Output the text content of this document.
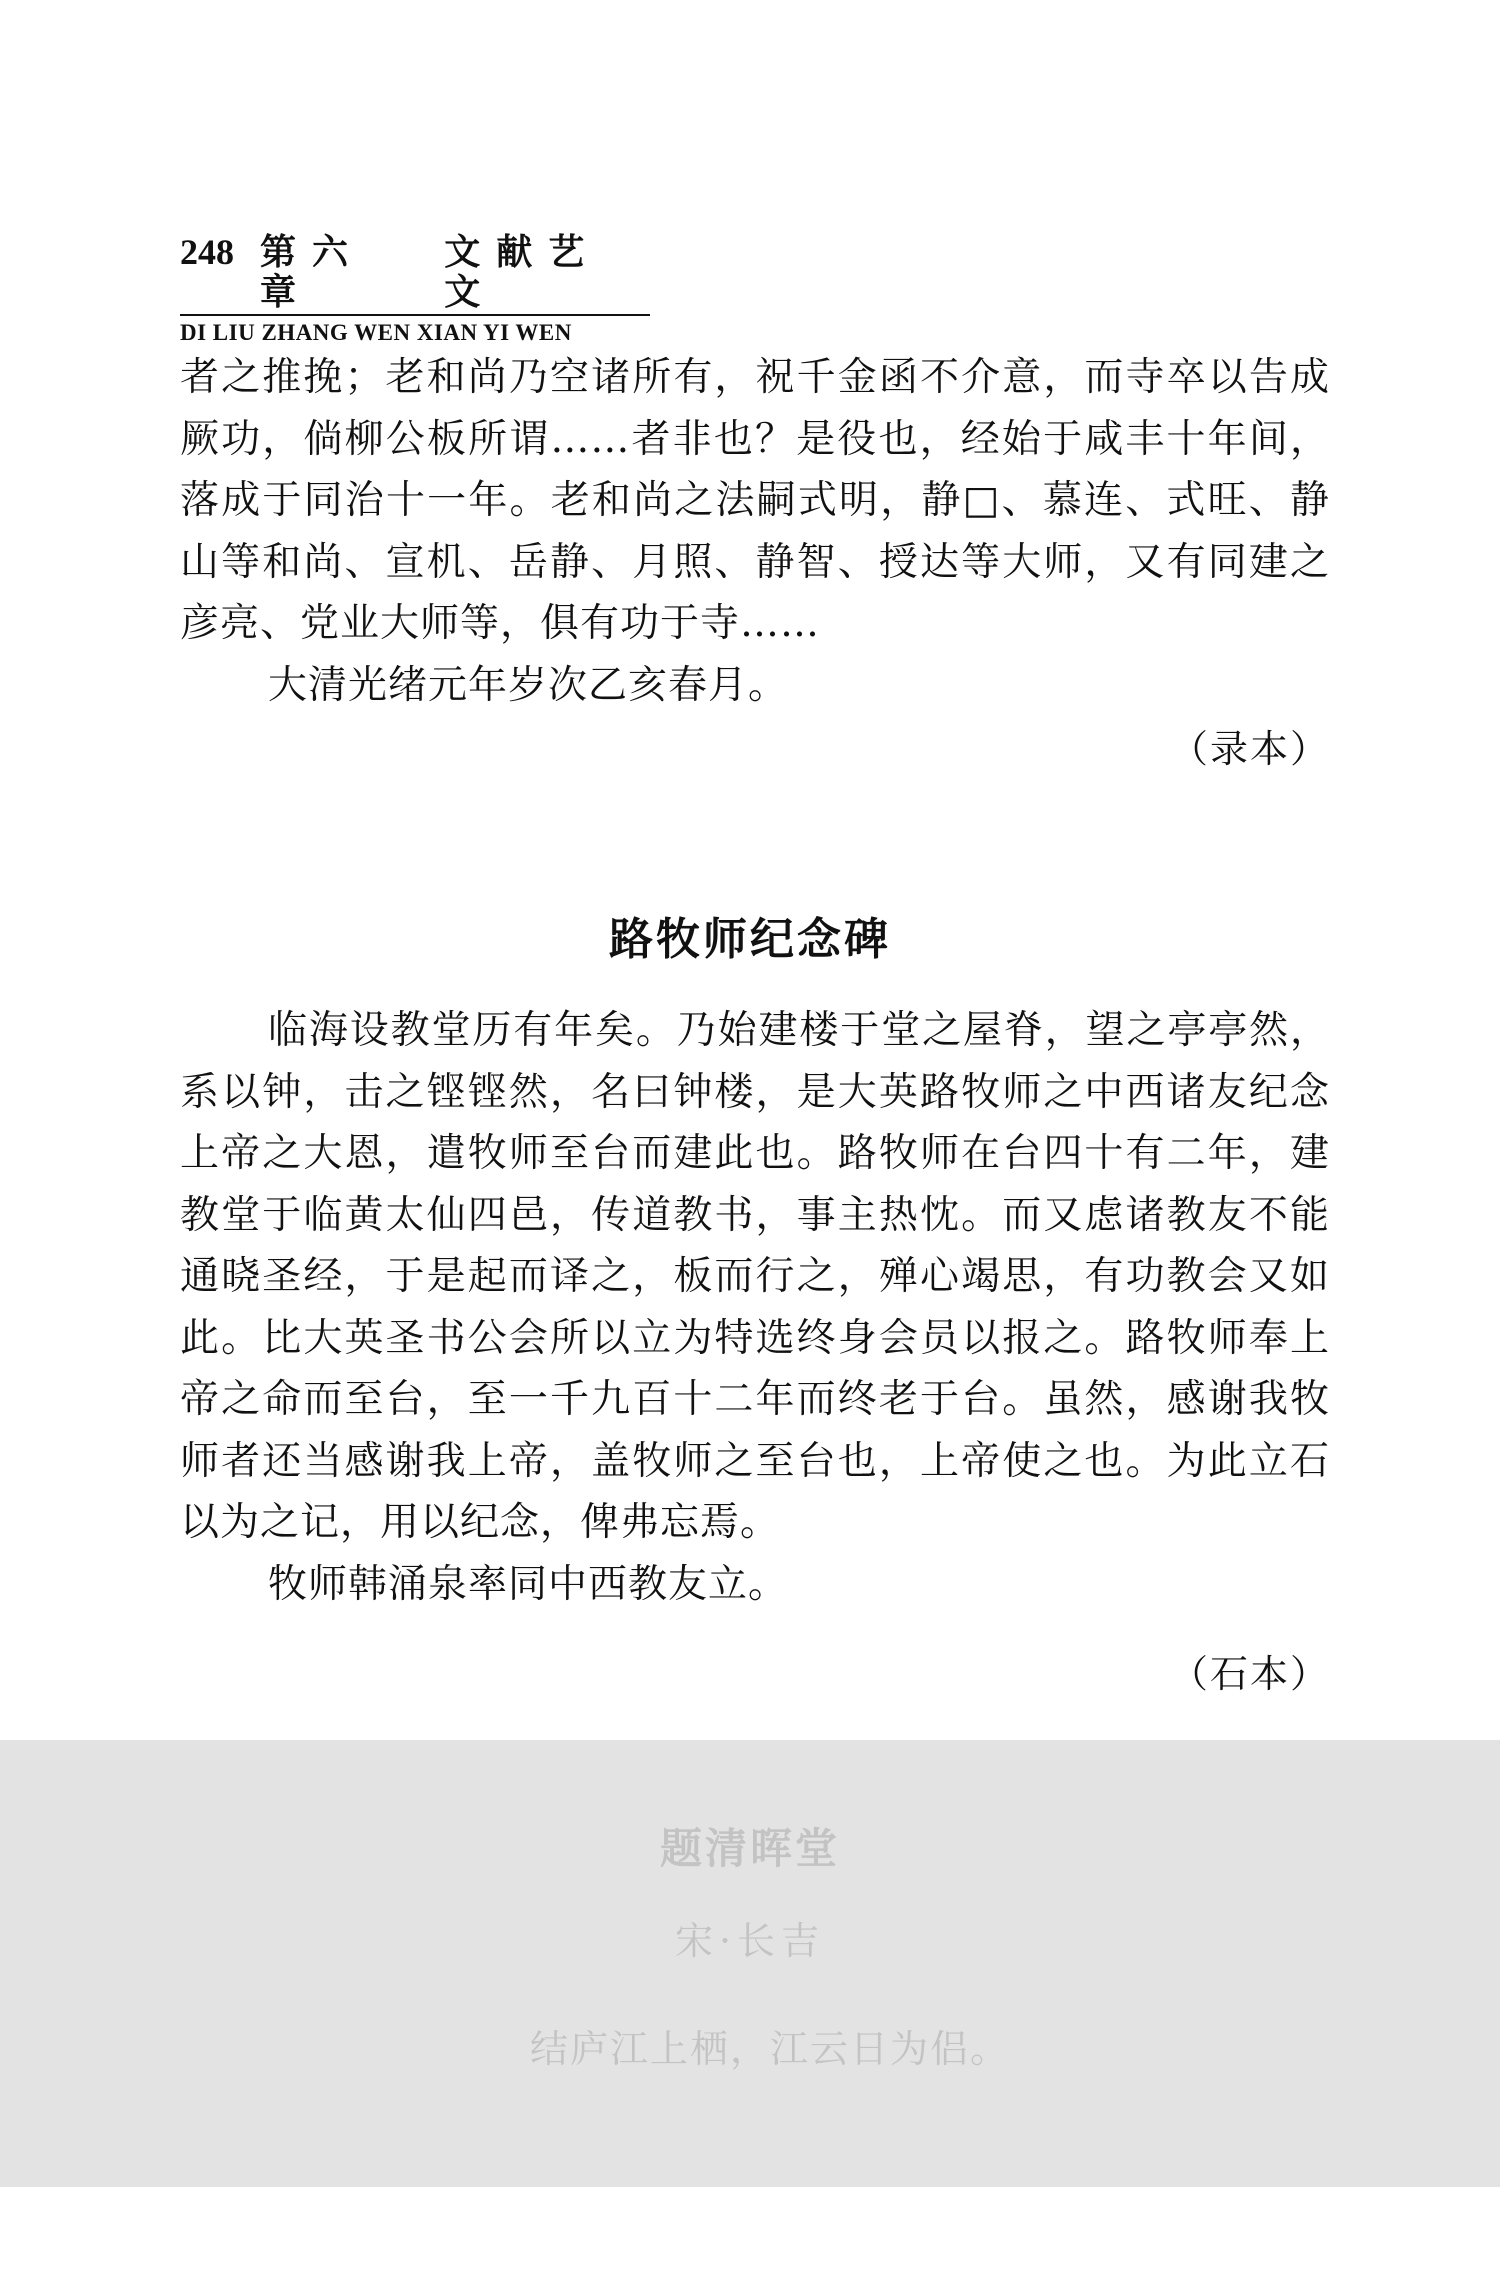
248 第六章
文献艺文
DI LIU ZHANG WEN XIAN YI WEN

者之推挽；老和尚乃空诸所有，祝千金函不介意，而寺卒以告成厥功，倘柳公板所谓……者非也？是役也，经始于咸丰十年间，落成于同治十一年。老和尚之法嗣式明，静□、慕连、式旺、静山等和尚、宣机、岳静、月照、静智、授达等大师，又有同建之彦亮、党业大师等，俱有功于寺……

大清光绪元年岁次乙亥春月。

（录本）
路牧师纪念碑

临海设教堂历有年矣。乃始建楼于堂之屋脊，望之亭亭然，系以钟，击之铿铿然，名曰钟楼，是大英路牧师之中西诸友纪念上帝之大恩，遣牧师至台而建此也。路牧师在台四十有二年，建教堂于临黄太仙四邑，传道教书，事主热忱。而又虑诸教友不能通晓圣经，于是起而译之，板而行之，殚心竭思，有功教会又如此。比大英圣书公会所以立为特选终身会员以报之。路牧师奉上帝之命而至台，至一千九百十二年而终老于台。虽然，感谢我牧师者还当感谢我上帝，盖牧师之至台也，上帝使之也。为此立石以为之记，用以纪念，俾弗忘焉。

牧师韩涌泉率同中西教友立。

（石本）
题清晖堂
宋·长吉
结庐江上栖，江云日为侣。
